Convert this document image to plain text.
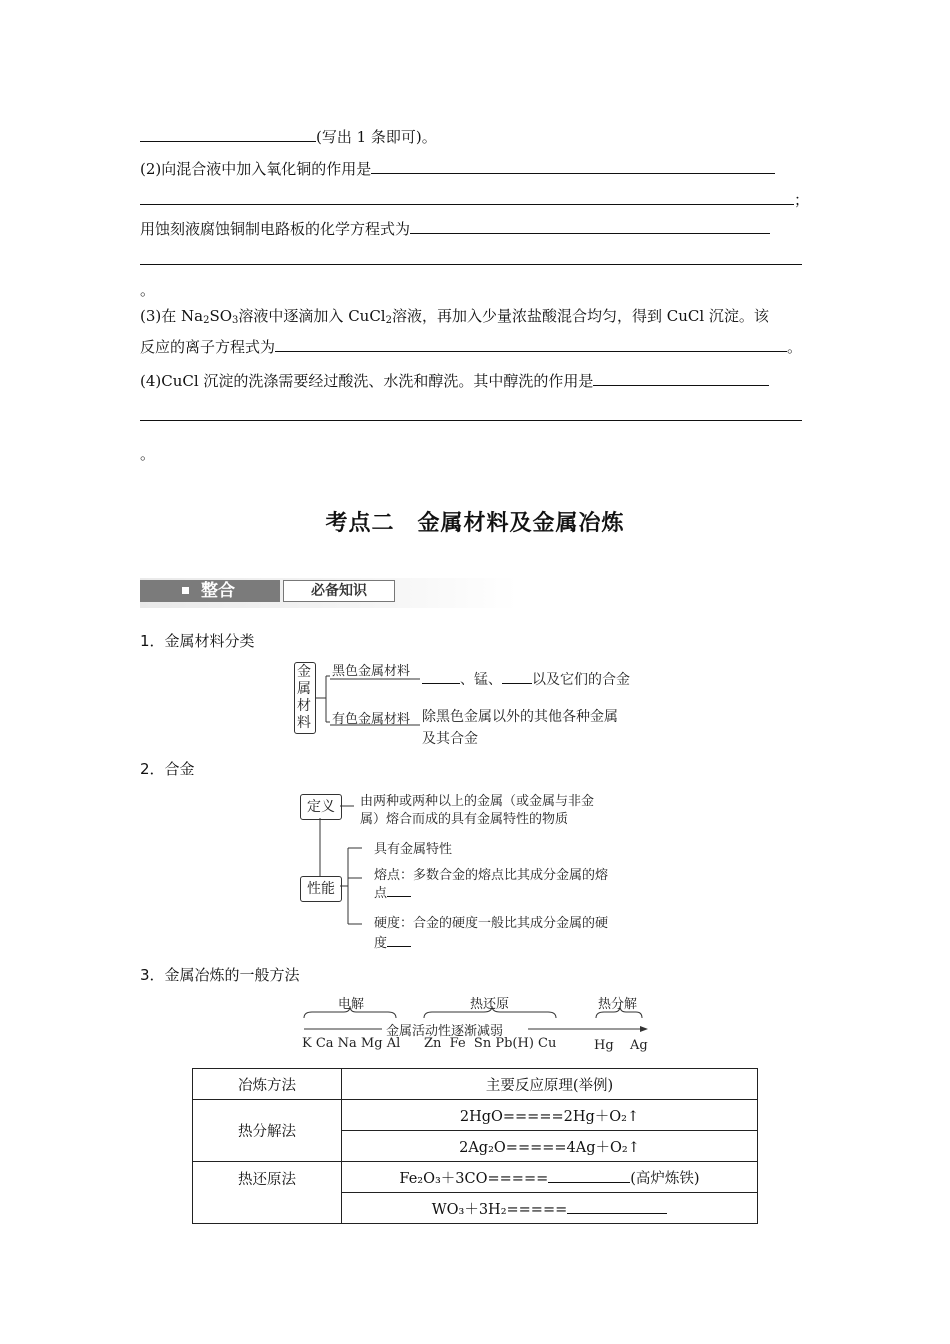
(写出 1 条即可)。
(2)向混合液中加入氧化铜的作用是
；
用蚀刻液腐蚀铜制电路板的化学方程式为
。
(3)在 $Na_2SO_3$溶液中逐滴加入 CuCl$_2$溶液，再加入少量浓盐酸混合均匀，得到 CuCl 沉淀。该
反应的离子方程式为	。
(4)CuCl 沉淀的洗涤需要经过酸洗、水洗和醇洗。其中醇洗的作用是
。
考点二　金属材料及金属冶炼
整合	必备知识
1．金属材料分类
金
属
材
料
黑色金属材料
、锰、 以及它们的合金
有色金属材料 除黑色金属以外的其他各种金属
及其合金
2．合金
定义	由两种或两种以上的金属（或金属与非金
属）熔合而成的具有金属特性的物质
性能
具有金属特性
熔点：多数合金的熔点比其成分金属的熔
点
硬度：合金的硬度一般比其成分金属的硬
度
3．金属冶炼的一般方法
电解	热还原	热分解
金属活动性逐渐减弱
K Ca Na Mg Al Zn  Fe  Sn Pb(H) Cu	Hg Ag
冶炼方法	主要反应原理(举例)
热分解法	2HgO=====2Hg＋O₂↑
	2Ag₂O=====4Ag＋O₂↑
热还原法	Fe₂O₃＋3CO===== (高炉炼铁)
	WO₃＋3H₂=====
